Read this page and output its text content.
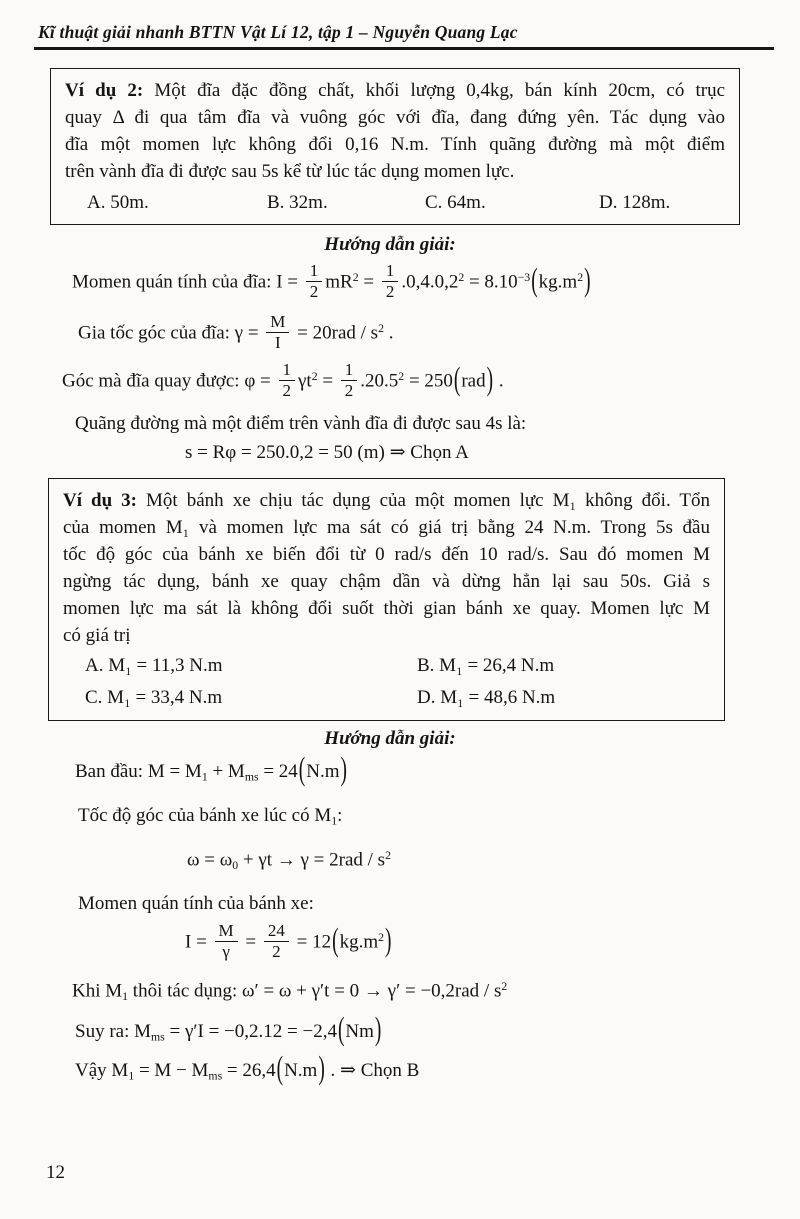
Kĩ thuật giải nhanh BTTN Vật Lí 12, tập 1 – Nguyễn Quang Lạc
Ví dụ 2: Một đĩa đặc đồng chất, khối lượng 0,4kg, bán kính 20cm, có trục
quay Δ đi qua tâm đĩa và vuông góc với đĩa, đang đứng yên. Tác dụng vào
đĩa một momen lực không đổi 0,16 N.m. Tính quãng đường mà một điểm
trên vành đĩa đi được sau 5s kể từ lúc tác dụng momen lực.
A. 50m.	B. 32m.	C. 64m.	D. 128m.
Hướng dẫn giải:
Momen quán tính của đĩa: $I = \frac{1}{2} mR^2 = \frac{1}{2} .0,4.0,2^2 = 8.10^{-3}(kg.m^2)$
Gia tốc góc của đĩa: $\gamma = \frac{M}{I} = 20rad / s^2$ .
Góc mà đĩa quay được: $\varphi = \frac{1}{2} \gamma t^2 = \frac{1}{2} .20.5^2 = 250(rad)$ .
Quãng đường mà một điểm trên vành đĩa đi được sau 4s là:
s = Rφ = 250.0,2 = 50 (m) ⇒ Chọn A
Ví dụ 3: Một bánh xe chịu tác dụng của một momen lực M₁ không đổi. Tổn
của momen M₁ và momen lực ma sát có giá trị bằng 24 N.m. Trong 5s đầu
tốc độ góc của bánh xe biến đổi từ 0 rad/s đến 10 rad/s. Sau đó momen M
ngừng tác dụng, bánh xe quay chậm dần và dừng hẳn lại sau 50s. Giả s
momen lực ma sát là không đổi suốt thời gian bánh xe quay. Momen lực M
có giá trị
A. M₁ = 11,3 N.m	B. M₁ = 26,4 N.m
C. M₁ = 33,4 N.m	D. M₁ = 48,6 N.m
Hướng dẫn giải:
Ban đầu: M = M1 + Mms = 24(N.m)
Tốc độ góc của bánh xe lúc có M1:
$\omega = \omega 0 + \gamma t \to \gamma = 2rad / s^2$
Momen quán tính của bánh xe:
$I = \frac{M}{\gamma} = \frac{24}{2} = 12(kg.m^2)$
Khi M1 thôi tác dụng: $\omega' = \omega + \gamma't = 0 \to \gamma' = -0,2rad / s^2$
Suy ra: Mms = γ′I = −0,2.12 = −2,4(Nm)
Vậy M1 = M − Mms = 26,4(N.m) . ⇒ Chọn B
12
